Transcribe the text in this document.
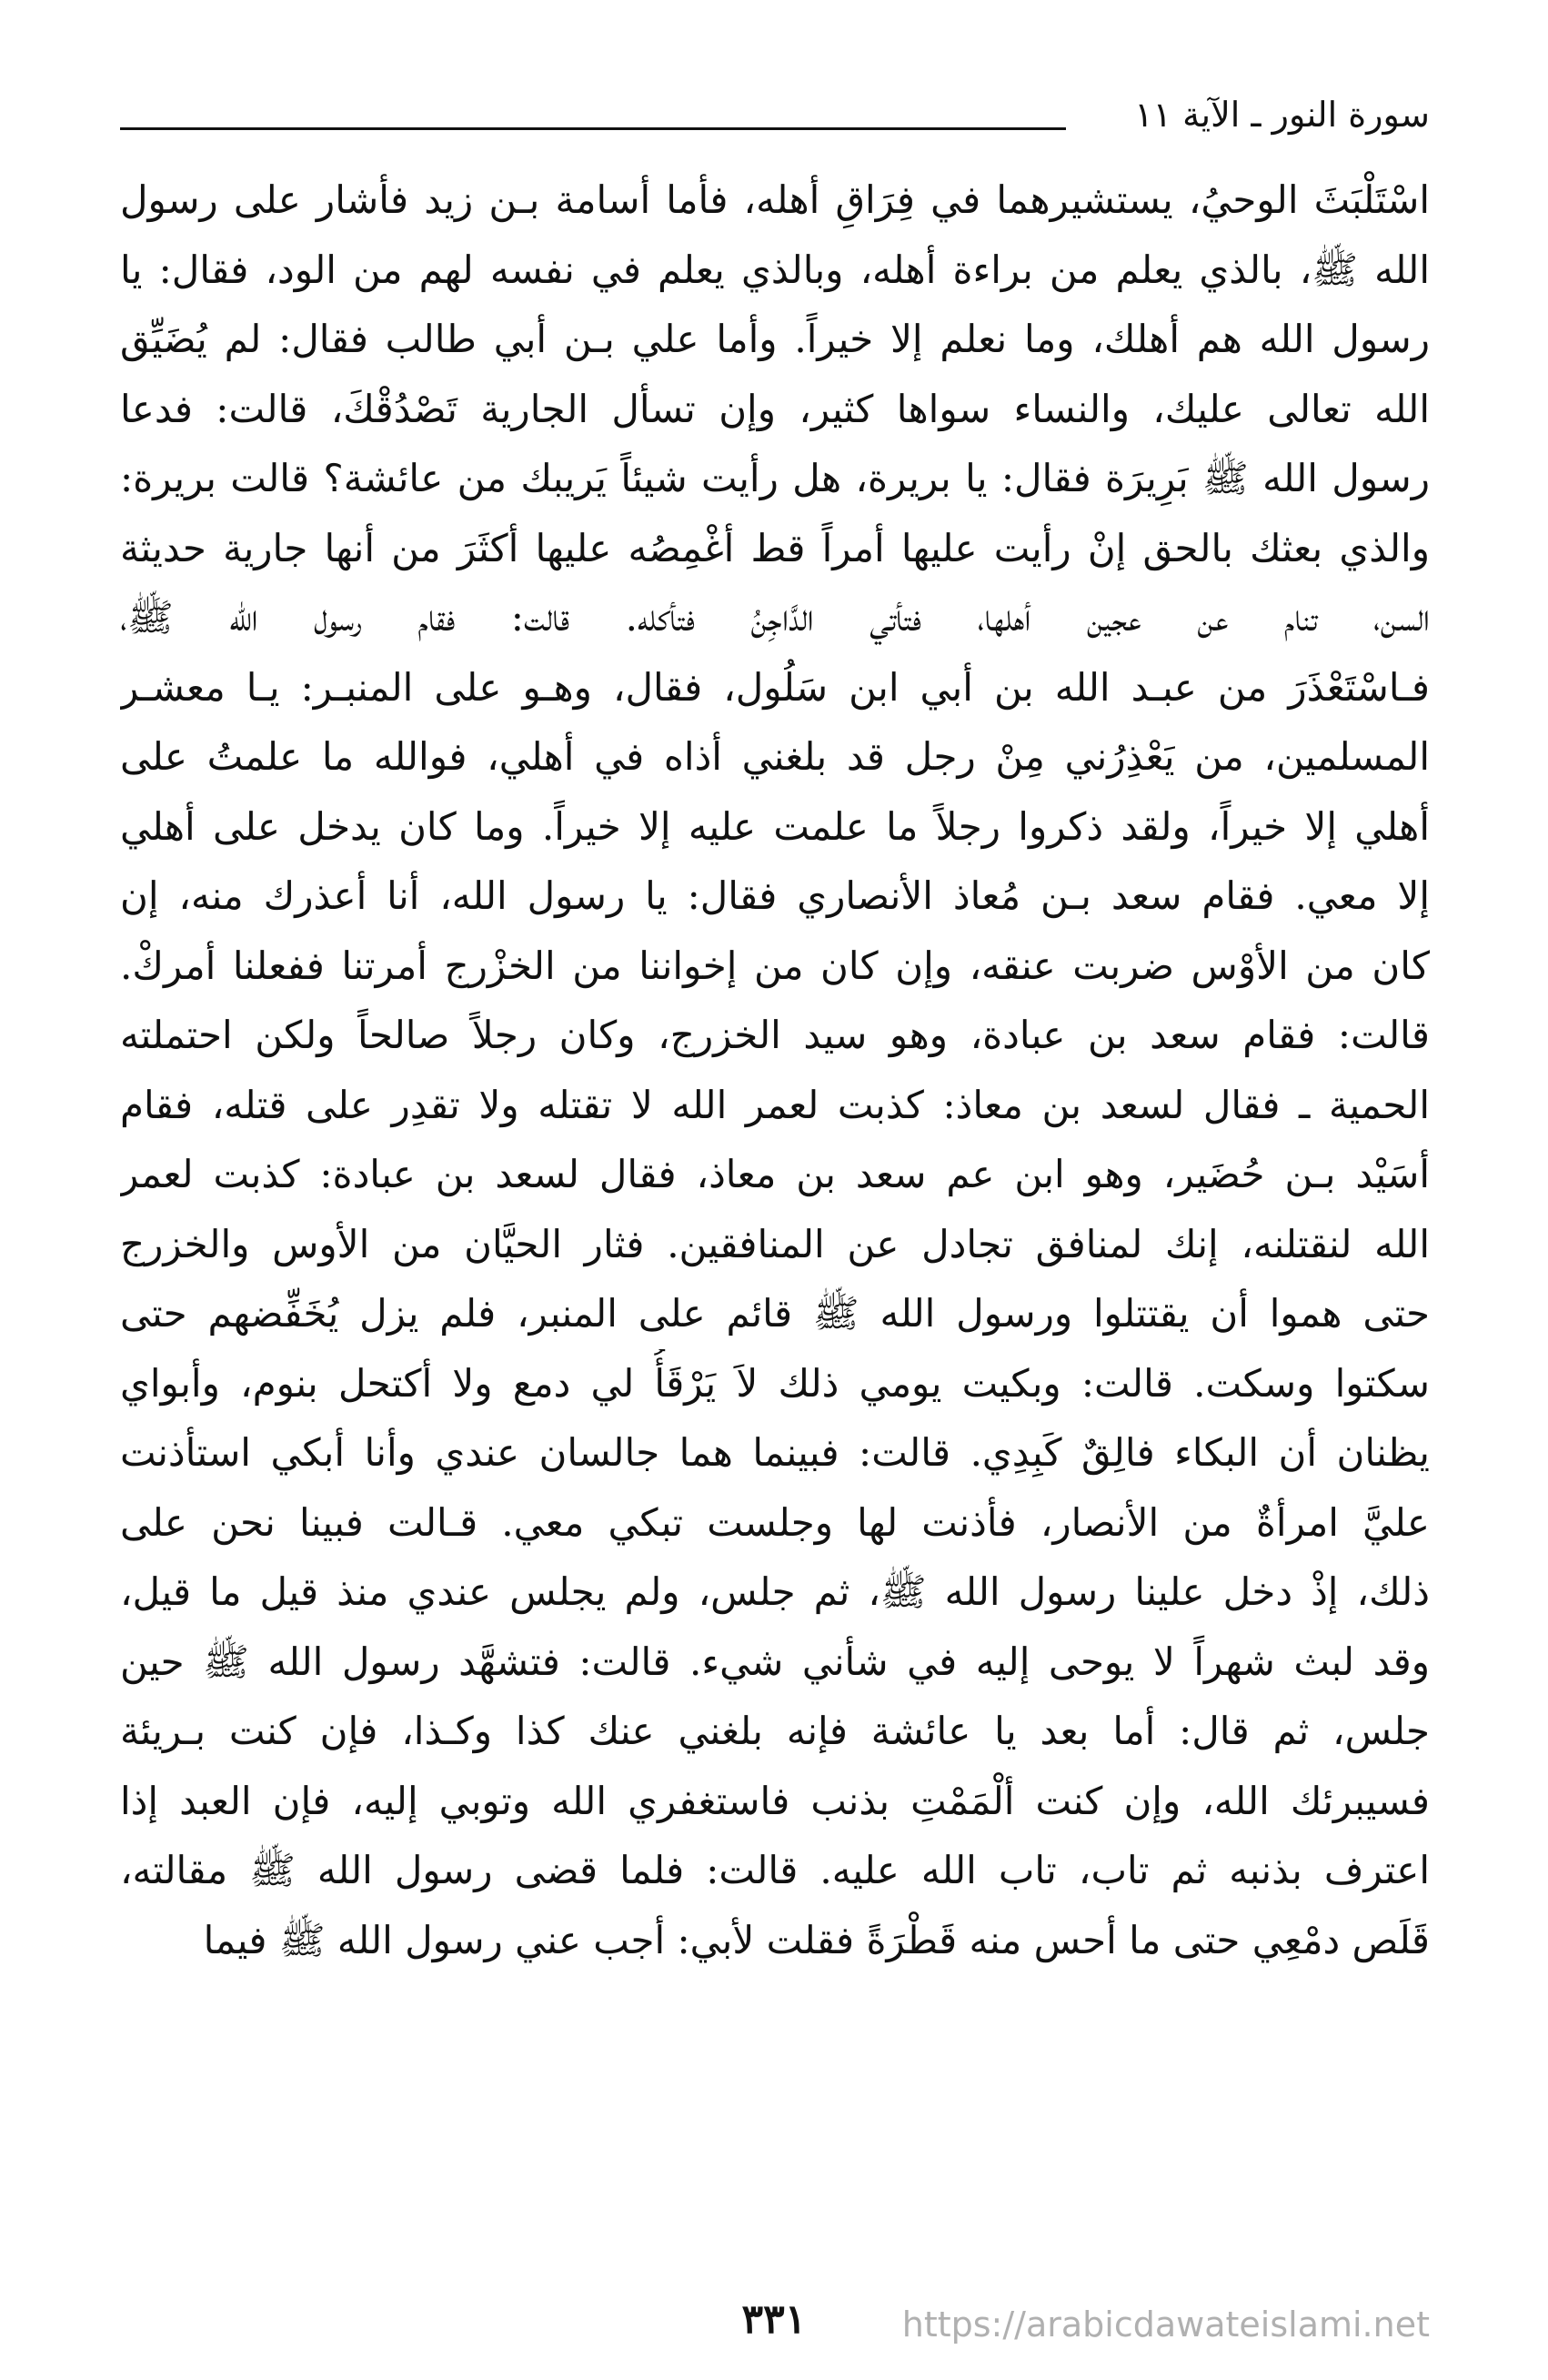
سورة النور ـ الآية ١١
اسْتَلْبَثَ الوحيُ، يستشيرهما في فِرَاقِ أهله، فأما أسامة بـن زيد فأشار على رسول
الله ﷺ، بالذي يعلم من براءة أهله، وبالذي يعلم في نفسه لهم من الود، فقال: يا
رسول الله هم أهلك، وما نعلم إلا خيراً. وأما علي بـن أبي طالب فقال: لم يُضَيِّق
الله تعالى عليك، والنساء سواها كثير، وإن تسأل الجارية تَصْدُقْكَ، قالت: فدعا
رسول الله ﷺ بَرِيرَة فقال: يا بريرة، هل رأيت شيئاً يَريبك من عائشة؟ قالت بريرة:
والذي بعثك بالحق إنْ رأيت عليها أمراً قط أغْمِصُه عليها أكثَرَ من أنها جارية حديثة
السن، تنام عن عجين أهلها، فتأتي الدَّاجِنُ فتأكله. قالت: فقام رسول الله ﷺ،
فـاسْتَعْذَرَ من عبـد الله بن أبي ابن سَلُول، فقال، وهـو على المنبـر: يـا معشـر
المسلمين، من يَعْذِرُني مِنْ رجل قد بلغني أذاه في أهلي، فوالله ما علمتُ على
أهلي إلا خيراً، ولقد ذكروا رجلاً ما علمت عليه إلا خيراً. وما كان يدخل على أهلي
إلا معي. فقام سعد بـن مُعاذ الأنصاري فقال: يا رسول الله، أنا أعذرك منه، إن
كان من الأوْس ضربت عنقه، وإن كان من إخواننا من الخزْرج أمرتنا ففعلنا أمركْ.
قالت: فقام سعد بن عبادة، وهو سيد الخزرج، وكان رجلاً صالحاً ولكن احتملته
الحمية ـ فقال لسعد بن معاذ: كذبت لعمر الله لا تقتله ولا تقدِر على قتله، فقام
أسَيْد بـن حُضَير، وهو ابن عم سعد بن معاذ، فقال لسعد بن عبادة: كذبت لعمر
الله لنقتلنه، إنك لمنافق تجادل عن المنافقين. فثار الحيَّان من الأوس والخزرج
حتى هموا أن يقتتلوا ورسول الله ﷺ قائم على المنبر، فلم يزل يُخَفِّضهم حتى
سكتوا وسكت. قالت: وبكيت يومي ذلك لاَ يَرْقَأُ لي دمع ولا أكتحل بنوم، وأبواي
يظنان أن البكاء فالِقٌ كَبِدِي. قالت: فبينما هما جالسان عندي وأنا أبكي استأذنت
عليَّ امرأةٌ من الأنصار، فأذنت لها وجلست تبكي معي. قـالت فبينا نحن على
ذلك، إذْ دخل علينا رسول الله ﷺ، ثم جلس، ولم يجلس عندي منذ قيل ما قيل،
وقد لبث شهراً لا يوحى إليه في شأني شيء. قالت: فتشهَّد رسول الله ﷺ حين
جلس، ثم قال: أما بعد يا عائشة فإنه بلغني عنك كذا وكـذا، فإن كنت بـريئة
فسيبرئك الله، وإن كنت ألْمَمْتِ بذنب فاستغفري الله وتوبي إليه، فإن العبد إذا
اعترف بذنبه ثم تاب، تاب الله عليه. قالت: فلما قضى رسول الله ﷺ مقالته،
قَلَص دمْعِي حتى ما أحس منه قَطْرَةً فقلت لأبي: أجب عني رسول الله ﷺ فيما
٣٣١	https://arabicdawateislami.net
